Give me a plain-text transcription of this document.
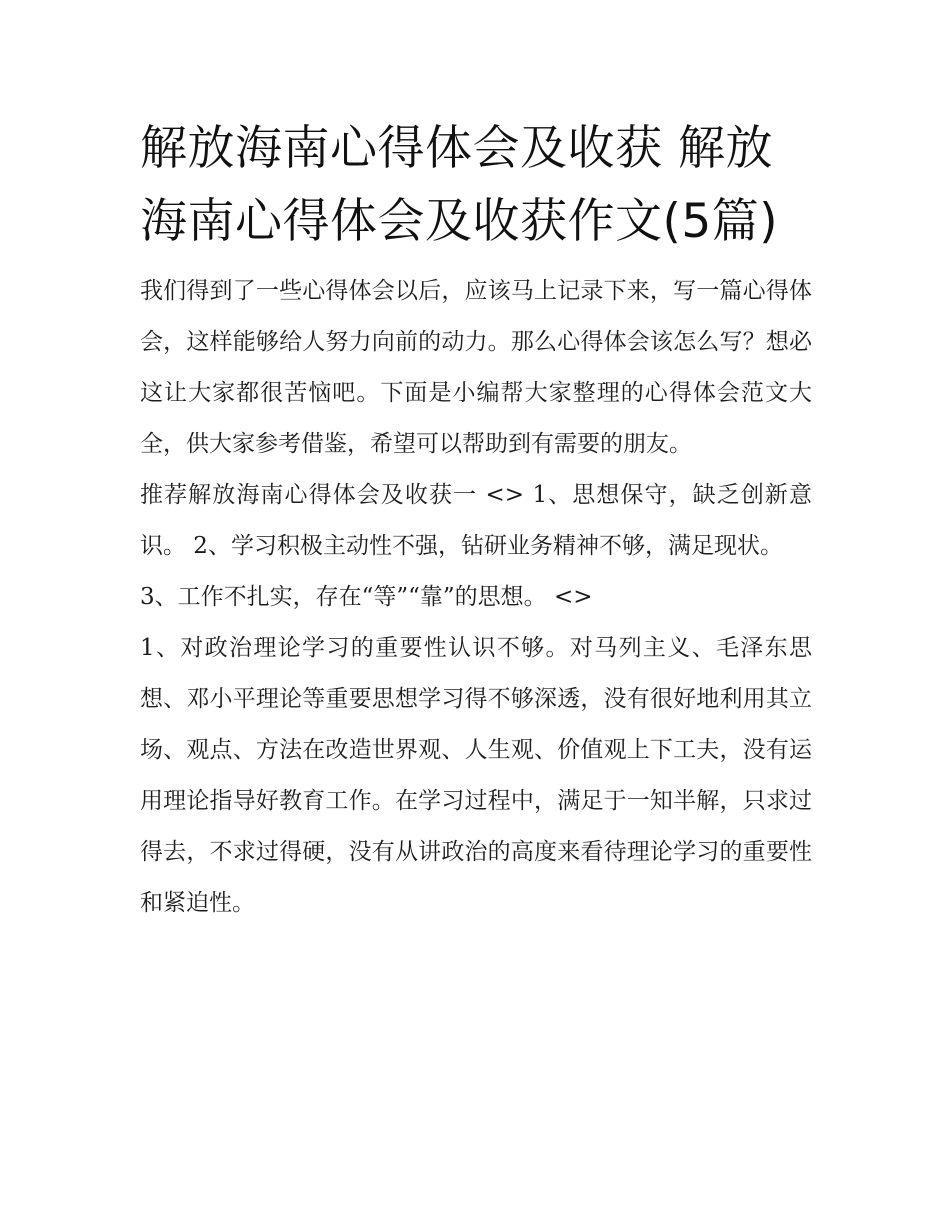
解放海南心得体会及收获 解放海南心得体会及收获作文(5篇)

我们得到了一些心得体会以后，应该马上记录下来，写一篇心得体会，这样能够给人努力向前的动力。那么心得体会该怎么写？想必这让大家都很苦恼吧。下面是小编帮大家整理的心得体会范文大全，供大家参考借鉴，希望可以帮助到有需要的朋友。

推荐解放海南心得体会及收获一 <> 1、思想保守，缺乏创新意识。 2、学习积极主动性不强，钻研业务精神不够，满足现状。

3、工作不扎实，存在“等”“靠”的思想。 <>

1、对政治理论学习的重要性认识不够。对马列主义、毛泽东思想、邓小平理论等重要思想学习得不够深透，没有很好地利用其立场、观点、方法在改造世界观、人生观、价值观上下工夫，没有运用理论指导好教育工作。在学习过程中，满足于一知半解，只求过得去，不求过得硬，没有从讲政治的高度来看待理论学习的重要性和紧迫性。
